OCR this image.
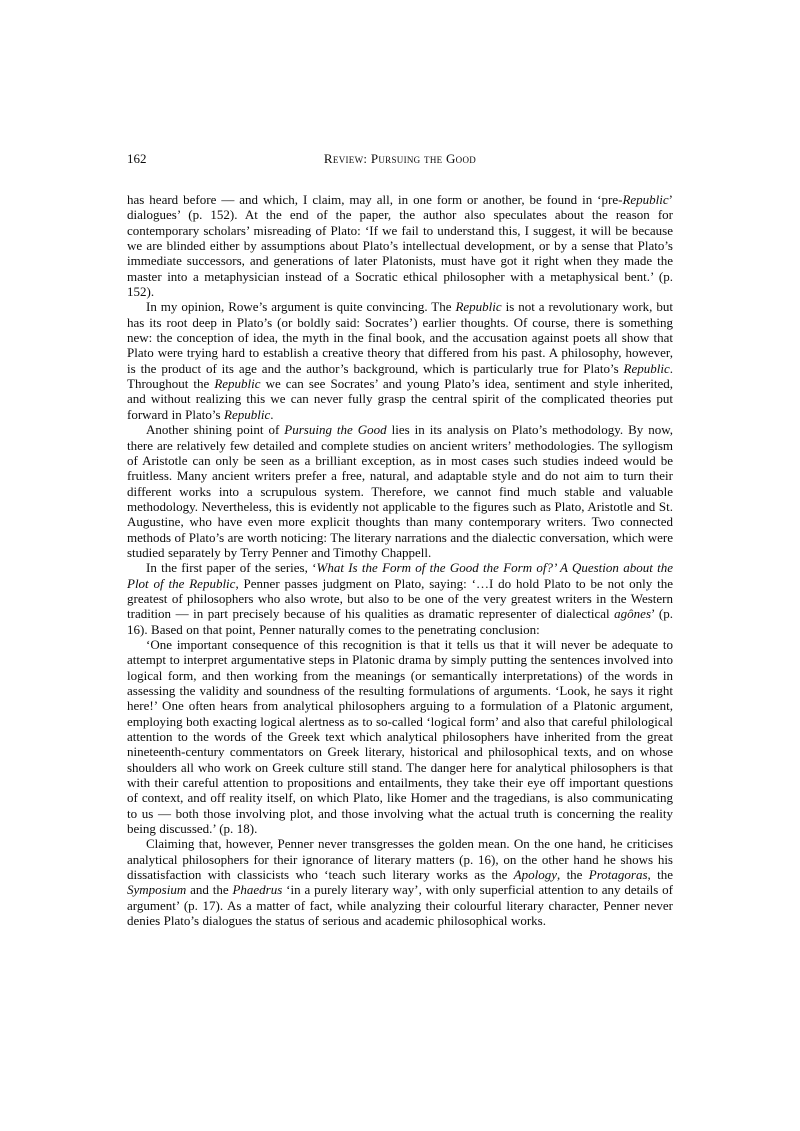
162	Review: Pursuing the Good

has heard before — and which, I claim, may all, in one form or another, be found in ‘pre-Republic’ dialogues’ (p. 152). At the end of the paper, the author also speculates about the reason for contemporary scholars’ misreading of Plato: ‘If we fail to understand this, I suggest, it will be because we are blinded either by assumptions about Plato’s intellectual development, or by a sense that Plato’s immediate successors, and generations of later Platonists, must have got it right when they made the master into a metaphysician instead of a Socratic ethical philosopher with a metaphysical bent.’ (p. 152).

In my opinion, Rowe’s argument is quite convincing. The Republic is not a revolutionary work, but has its root deep in Plato’s (or boldly said: Socrates’) earlier thoughts. Of course, there is something new: the conception of idea, the myth in the final book, and the accusation against poets all show that Plato were trying hard to establish a creative theory that differed from his past. A philosophy, however, is the product of its age and the author’s background, which is particularly true for Plato’s Republic. Throughout the Republic we can see Socrates’ and young Plato’s idea, sentiment and style inherited, and without realizing this we can never fully grasp the central spirit of the complicated theories put forward in Plato’s Republic.

Another shining point of Pursuing the Good lies in its analysis on Plato’s methodology. By now, there are relatively few detailed and complete studies on ancient writers’ methodologies. The syllogism of Aristotle can only be seen as a brilliant exception, as in most cases such studies indeed would be fruitless. Many ancient writers prefer a free, natural, and adaptable style and do not aim to turn their different works into a scrupulous system. Therefore, we cannot find much stable and valuable methodology. Nevertheless, this is evidently not applicable to the figures such as Plato, Aristotle and St. Augustine, who have even more explicit thoughts than many contemporary writers. Two connected methods of Plato’s are worth noticing: The literary narrations and the dialectic conversation, which were studied separately by Terry Penner and Timothy Chappell.

In the first paper of the series, ‘What Is the Form of the Good the Form of?’ A Question about the Plot of the Republic, Penner passes judgment on Plato, saying: ‘…I do hold Plato to be not only the greatest of philosophers who also wrote, but also to be one of the very greatest writers in the Western tradition — in part precisely because of his qualities as dramatic representer of dialectical agônes’ (p. 16). Based on that point, Penner naturally comes to the penetrating conclusion:

‘One important consequence of this recognition is that it tells us that it will never be adequate to attempt to interpret argumentative steps in Platonic drama by simply putting the sentences involved into logical form, and then working from the meanings (or semantically interpretations) of the words in assessing the validity and soundness of the resulting formulations of arguments. ‘Look, he says it right here!’ One often hears from analytical philosophers arguing to a formulation of a Platonic argument, employing both exacting logical alertness as to so-called ‘logical form’ and also that careful philological attention to the words of the Greek text which analytical philosophers have inherited from the great nineteenth-century commentators on Greek literary, historical and philosophical texts, and on whose shoulders all who work on Greek culture still stand. The danger here for analytical philosophers is that with their careful attention to propositions and entailments, they take their eye off important questions of context, and off reality itself, on which Plato, like Homer and the tragedians, is also communicating to us — both those involving plot, and those involving what the actual truth is concerning the reality being discussed.’ (p. 18).

Claiming that, however, Penner never transgresses the golden mean. On the one hand, he criticises analytical philosophers for their ignorance of literary matters (p. 16), on the other hand he shows his dissatisfaction with classicists who ‘teach such literary works as the Apology, the Protagoras, the Symposium and the Phaedrus ‘in a purely literary way’, with only superficial attention to any details of argument’ (p. 17). As a matter of fact, while analyzing their colourful literary character, Penner never denies Plato’s dialogues the status of serious and academic philosophical works.
